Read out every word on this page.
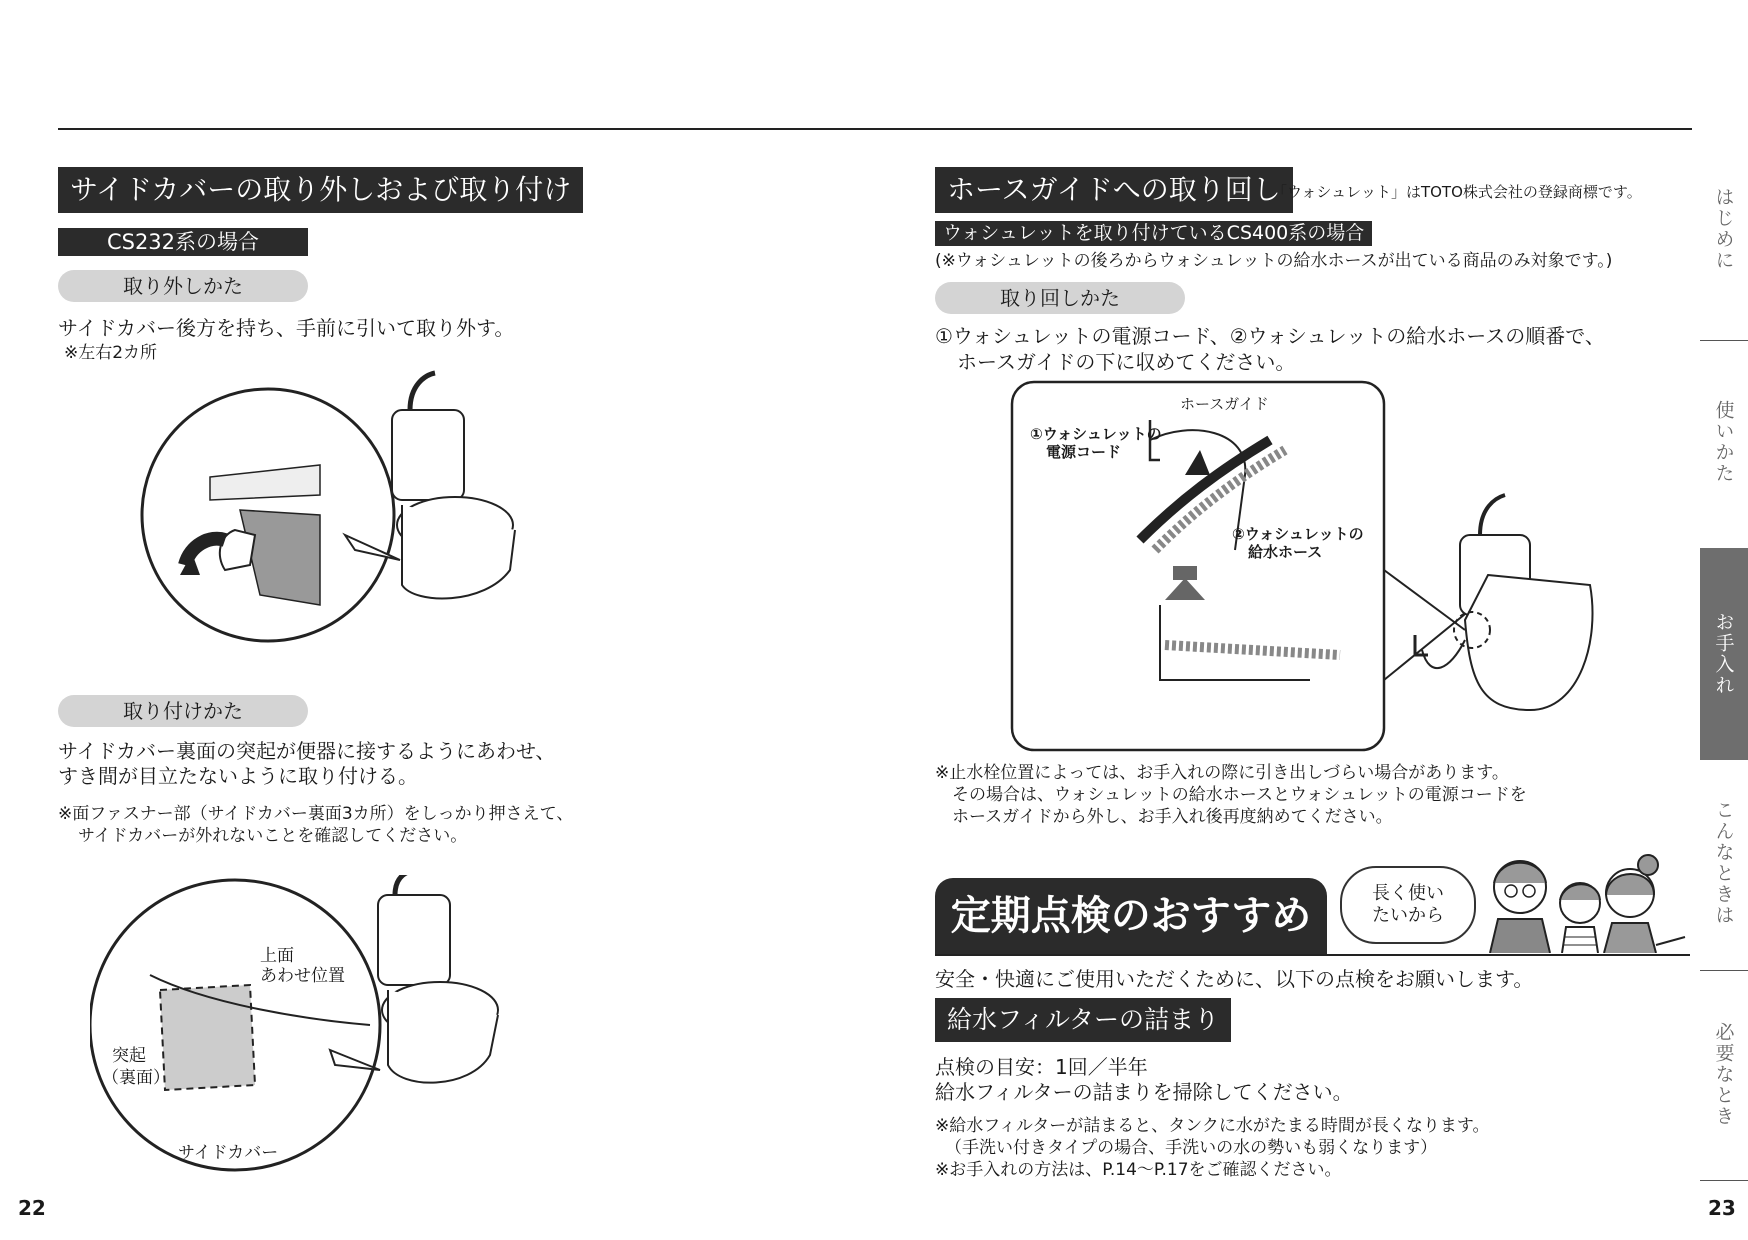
サイドカバーの取り外しおよび取り付け
CS232系の場合
取り外しかた
サイドカバー後方を持ち、手前に引いて取り外す。
※左右2カ所
取り付けかた
サイドカバー裏面の突起が便器に接するようにあわせ、
すき間が目立たないように取り付ける。
※面ファスナー部（サイドカバー裏面3カ所）をしっかり押さえて、
サイドカバーが外れないことを確認してください。
上面
あわせ位置
突起
（裏面）
サイドカバー
22
ホースガイドへの取り回し
「ウォシュレット」はTOTO株式会社の登録商標です。
ウォシュレットを取り付けているCS400系の場合
(※ウォシュレットの後ろからウォシュレットの給水ホースが出ている商品のみ対象です。)
取り回しかた
①ウォシュレットの電源コード、②ウォシュレットの給水ホースの順番で、
ホースガイドの下に収めてください。
ホースガイド
①ウォシュレットの
電源コード
②ウォシュレットの
給水ホース
※止水栓位置によっては、お手入れの際に引き出しづらい場合があります。
その場合は、ウォシュレットの給水ホースとウォシュレットの電源コードを
ホースガイドから外し、お手入れ後再度納めてください。
定期点検のおすすめ	長く使い
たいから
安全・快適にご使用いただくために、以下の点検をお願いします。
給水フィルターの詰まり
点検の目安：1回／半年
給水フィルターの詰まりを掃除してください。
※給水フィルターが詰まると、タンクに水がたまる時間が長くなります。
（手洗い付きタイプの場合、手洗いの水の勢いも弱くなります）
※お手入れの方法は、P.14〜P.17をご確認ください。
23
はじめに
使いかた
お手入れ
こんなときは
必要なとき
